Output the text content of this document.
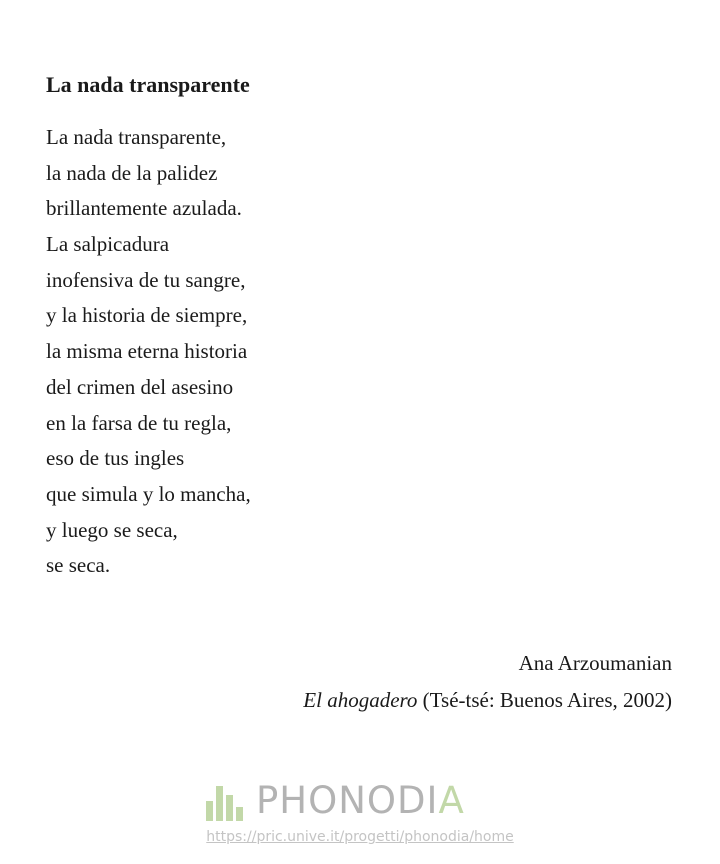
La nada transparente
La nada transparente,
la nada de la palidez
brillantemente azulada.
La salpicadura
inofensiva de tu sangre,
y la historia de siempre,
la misma eterna historia
del crimen del asesino
en la farsa de tu regla,
eso de tus ingles
que simula y lo mancha,
y luego se seca,
se seca.
Ana Arzoumanian
El ahogadero (Tsé-tsé: Buenos Aires, 2002)
PHONODIA
https://pric.unive.it/progetti/phonodia/home
